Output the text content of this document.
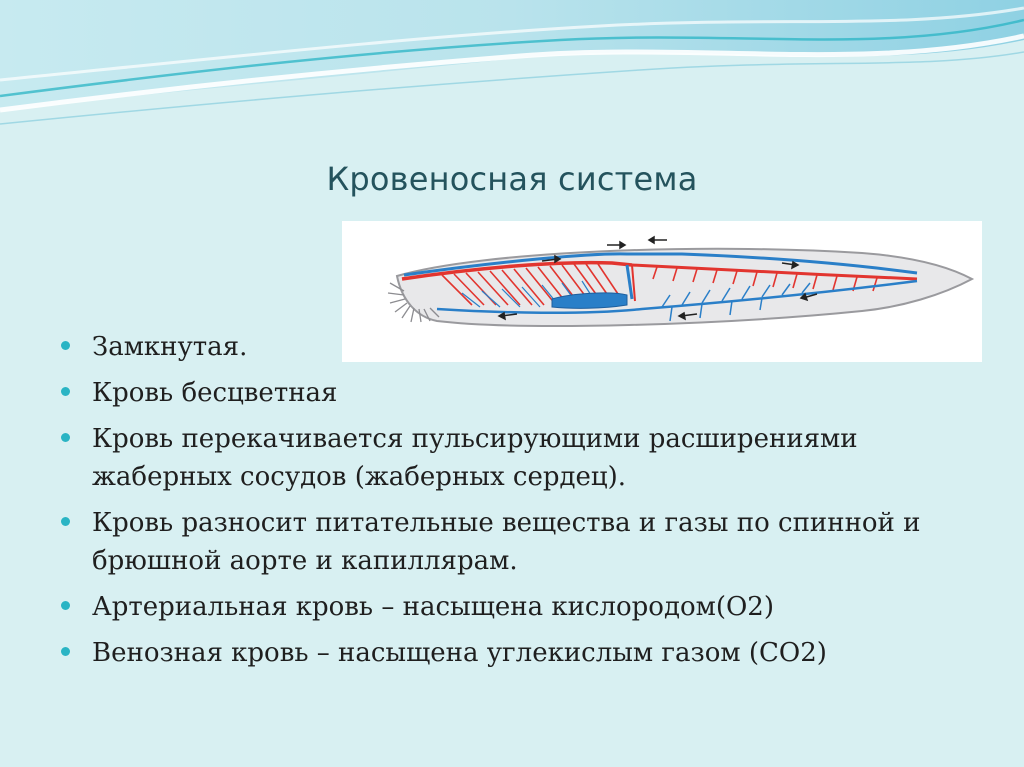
Кровеносная система
Замкнутая.
Кровь бесцветная
Кровь перекачивается пульсирующими расширениями жаберных сосудов (жаберных сердец).
Кровь разносит питательные вещества и газы по спинной и брюшной аорте и капиллярам.
Артериальная кровь – насыщена кислородом(О2)
Венозная кровь – насыщена углекислым газом (СО2)
